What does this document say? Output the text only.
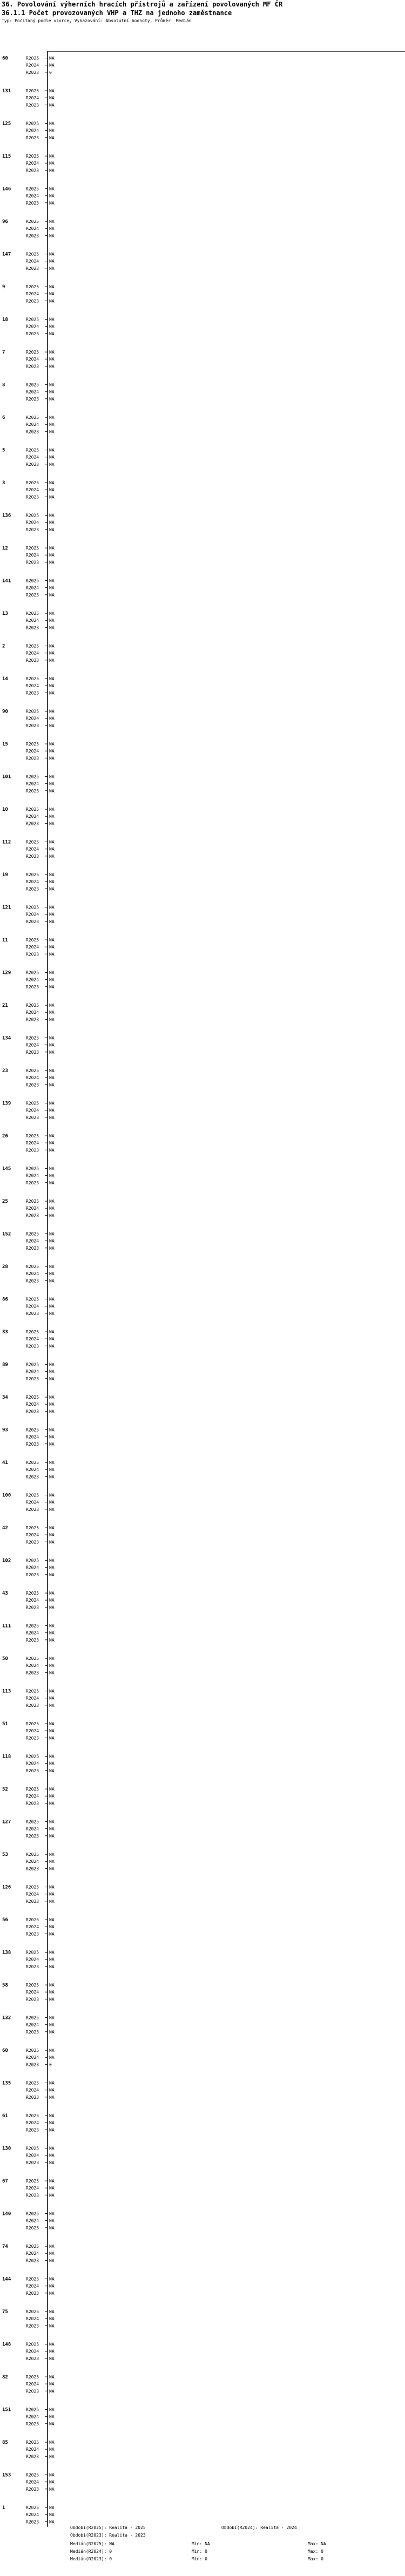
36. Povolování výherních hracích přístrojů a zařízení povolovaných MF ČR
36.1.1 Počet provozovaných VHP a THZ na jednoho zaměstnance
Typ: Počítaný podle vzorce, Vykazování: Absolutní hodnoty, Průměr: Medián
60	R2025 NA
R2024 NA
R2023 0
131	R2025 NA
R2024 NA
R2023 NA
125	R2025 NA
R2024 NA
R2023 NA
115	R2025 NA
R2024 NA
R2023 NA
146	R2025 NA
R2024 NA
R2023 NA
96	R2025 NA
R2024 NA
R2023 NA
147	R2025 NA
R2024 NA
R2023 NA
9	R2025 NA
R2024 NA
R2023 NA
18	R2025 NA
R2024 NA
R2023 NA
7	R2025 NA
R2024 NA
R2023 NA
8	R2025 NA
R2024 NA
R2023 NA
6	R2025 NA
R2024 NA
R2023 NA
5	R2025 NA
R2024 NA
R2023 NA
3	R2025 NA
R2024 NA
R2023 NA
136	R2025 NA
R2024 NA
R2023 NA
12	R2025 NA
R2024 NA
R2023 NA
141	R2025 NA
R2024 NA
R2023 NA
13	R2025 NA
R2024 NA
R2023 NA
2	R2025 NA
R2024 NA
R2023 NA
14	R2025 NA
R2024 NA
R2023 NA
90	R2025 NA
R2024 NA
R2023 NA
15	R2025 NA
R2024 NA
R2023 NA
101	R2025 NA
R2024 NA
R2023 NA
10	R2025 NA
R2024 NA
R2023 NA
112	R2025 NA
R2024 NA
R2023 NA
19	R2025 NA
R2024 NA
R2023 NA
121	R2025 NA
R2024 NA
R2023 NA
11	R2025 NA
R2024 NA
R2023 NA
129	R2025 NA
R2024 NA
R2023 NA
21	R2025 NA
R2024 NA
R2023 NA
134	R2025 NA
R2024 NA
R2023 NA
23	R2025 NA
R2024 NA
R2023 NA
139	R2025 NA
R2024 NA
R2023 NA
26	R2025 NA
R2024 NA
R2023 NA
145	R2025 NA
R2024 NA
R2023 NA
25	R2025 NA
R2024 NA
R2023 NA
152	R2025 NA
R2024 NA
R2023 NA
28	R2025 NA
R2024 NA
R2023 NA
86	R2025 NA
R2024 NA
R2023 NA
33	R2025 NA
R2024 NA
R2023 NA
89	R2025 NA
R2024 NA
R2023 NA
34	R2025 NA
R2024 NA
R2023 NA
93	R2025 NA
R2024 NA
R2023 NA
41	R2025 NA
R2024 NA
R2023 NA
100	R2025 NA
R2024 NA
R2023 NA
42	R2025 NA
R2024 NA
R2023 NA
102	R2025 NA
R2024 NA
R2023 NA
43	R2025 NA
R2024 NA
R2023 NA
111	R2025 NA
R2024 NA
R2023 NA
50	R2025 NA
R2024 NA
R2023 NA
113	R2025 NA
R2024 NA
R2023 NA
51	R2025 NA
R2024 NA
R2023 NA
118	R2025 NA
R2024 NA
R2023 NA
52	R2025 NA
R2024 NA
R2023 NA
127	R2025 NA
R2024 NA
R2023 NA
53	R2025 NA
R2024 NA
R2023 NA
126	R2025 NA
R2024 NA
R2023 NA
56	R2025 NA
R2024 NA
R2023 NA
138	R2025 NA
R2024 NA
R2023 NA
58	R2025 NA
R2024 NA
R2023 NA
132	R2025 NA
R2024 NA
R2023 NA
60	R2025 NA
R2024 NA
R2023 0
135	R2025 NA
R2024 NA
R2023 NA
61	R2025 NA
R2024 NA
R2023 NA
130	R2025 NA
R2024 NA
R2023 NA
67	R2025 NA
R2024 NA
R2023 NA
140	R2025 NA
R2024 NA
R2023 NA
74	R2025 NA
R2024 NA
R2023 NA
144	R2025 NA
R2024 NA
R2023 NA
75	R2025 NA
R2024 NA
R2023 NA
148	R2025 NA
R2024 NA
R2023 NA
82	R2025 NA
R2024 NA
R2023 NA
151	R2025 NA
R2024 NA
R2023 NA
85	R2025 NA
R2024 NA
R2023 NA
153	R2025 NA
R2024 NA
R2023 NA
1	R2025 NA
R2024 NA
R2023 NA
Období(R2025): Realita - 2025	Období(R2024): Realita - 2024
Období(R2023): Realita - 2023
Medián(R2025): NA	Min: NA	Max: NA
Medián(R2024): 0	Min: 0	Max: 0
Medián(R2023): 0	Min: 0	Max: 0
